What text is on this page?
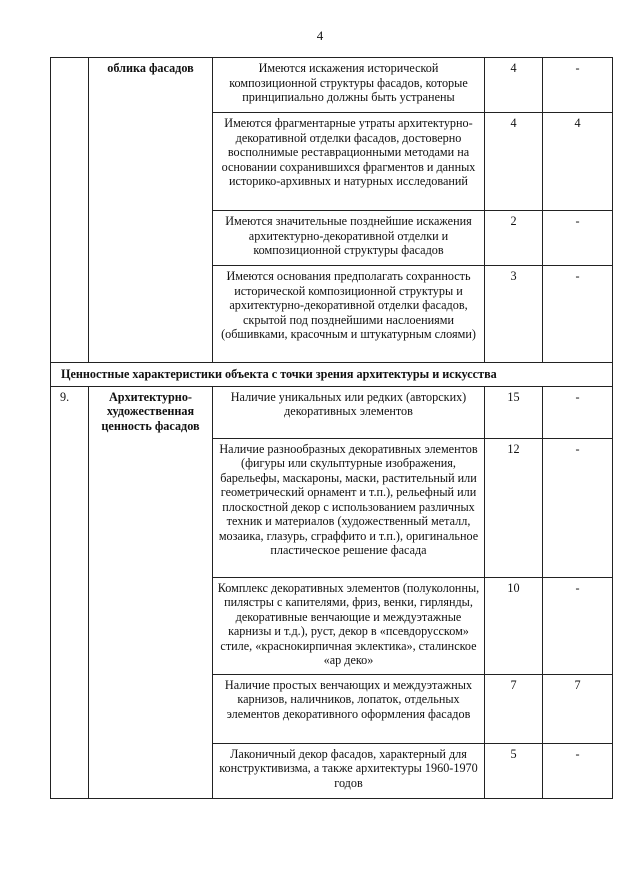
4
	облика фасадов	Имеются искажения исторической композиционной структуры фасадов, которые принципиально должны быть устранены	4	-
		Имеются фрагментарные утраты архитектурно-декоративной отделки фасадов, достоверно восполнимые реставрационными методами на основании сохранившихся фрагментов и данных историко-архивных и натурных исследований	4	4
		Имеются значительные позднейшие искажения архитектурно-декоративной отделки и композиционной структуры фасадов	2	-
		Имеются основания предполагать сохранность исторической композиционной структуры и архитектурно-декоративной отделки фасадов, скрытой под позднейшими наслоениями (обшивками, красочным и штукатурным слоями)	3	-
Ценностные характеристики объекта с точки зрения архитектуры и искусства				
9.	Архитектурно-художественная ценность фасадов	Наличие уникальных или редких (авторских) декоративных элементов	15	-
		Наличие разнообразных декоративных элементов (фигуры или скульптурные изображения, барельефы, маскароны, маски, растительный или геометрический орнамент и т.п.), рельефный или плоскостной декор с использованием различных техник и материалов (художественный металл, мозаика, глазурь, сграффито и т.п.), оригинальное пластическое решение фасада	12	-
		Комплекс декоративных элементов (полуколонны, пилястры с капителями, фриз, венки, гирлянды, декоративные венчающие и междуэтажные карнизы и т.д.), руст, декор в «псевдорусском» стиле, «краснокирпичная эклектика», сталинское «ар деко»	10	-
		Наличие простых венчающих и междуэтажных карнизов, наличников, лопаток, отдельных элементов декоративного оформления фасадов	7	7
		Лаконичный декор фасадов, характерный для конструктивизма, а также архитектуры 1960-1970 годов	5	-
